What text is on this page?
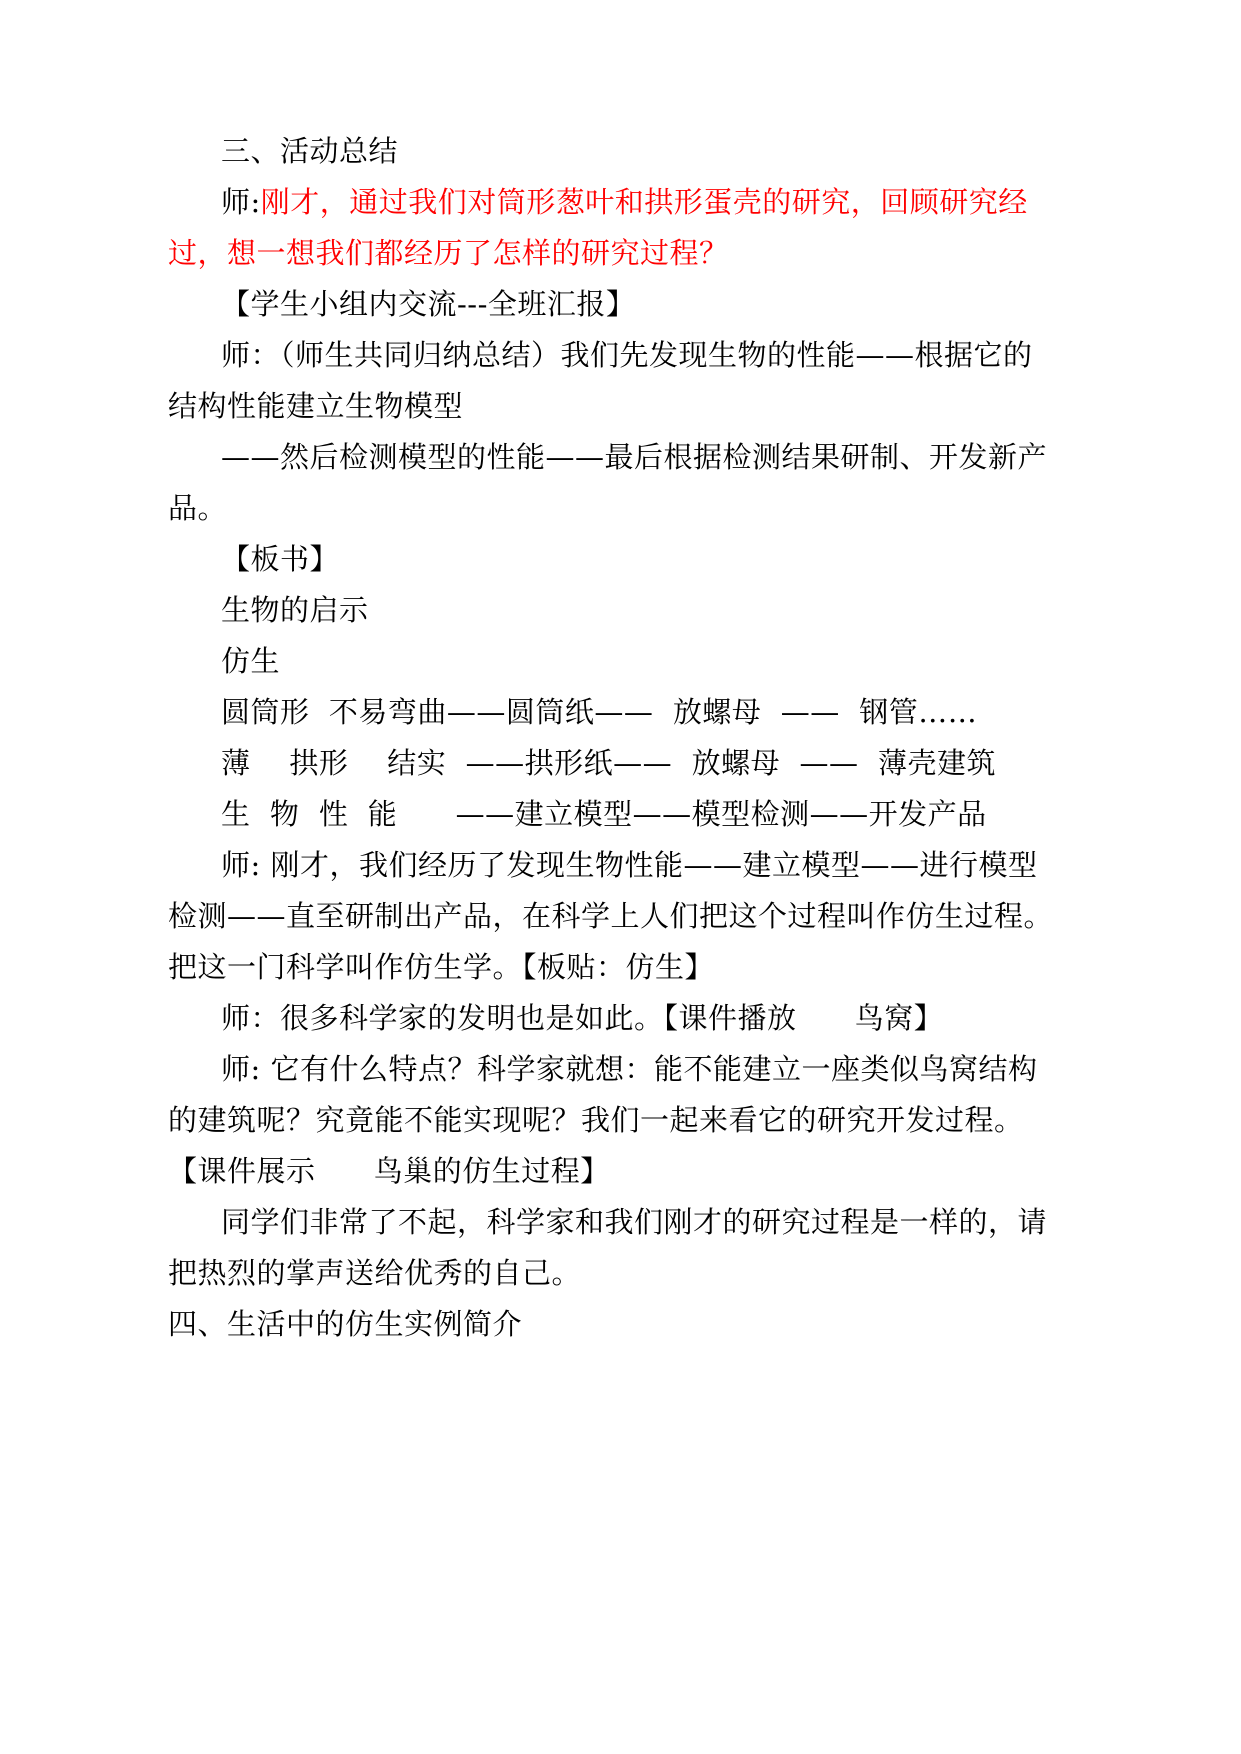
三、活动总结
师:刚才，通过我们对筒形葱叶和拱形蛋壳的研究，回顾研究经
过，想一想我们都经历了怎样的研究过程？
【学生小组内交流---全班汇报】
师：（师生共同归纳总结）我们先发现生物的性能——根据它的
结构性能建立生物模型
——然后检测模型的性能——最后根据检测结果研制、开发新产
品。
【板书】
生物的启示
仿生
圆筒形  不易弯曲——圆筒纸——  放螺母  ——  钢管……
薄    拱形    结实  ——拱形纸——  放螺母  ——  薄壳建筑
生  物  性  能      ——建立模型——模型检测——开发产品
师: 刚才，我们经历了发现生物性能——建立模型——进行模型
检测——直至研制出产品，在科学上人们把这个过程叫作仿生过程。
把这一门科学叫作仿生学。【板贴：仿生】
师：很多科学家的发明也是如此。【课件播放      鸟窝】
师: 它有什么特点？科学家就想：能不能建立一座类似鸟窝结构
的建筑呢？究竟能不能实现呢？我们一起来看它的研究开发过程。
【课件展示      鸟巢的仿生过程】
同学们非常了不起，科学家和我们刚才的研究过程是一样的，请
把热烈的掌声送给优秀的自己。
四、生活中的仿生实例简介
